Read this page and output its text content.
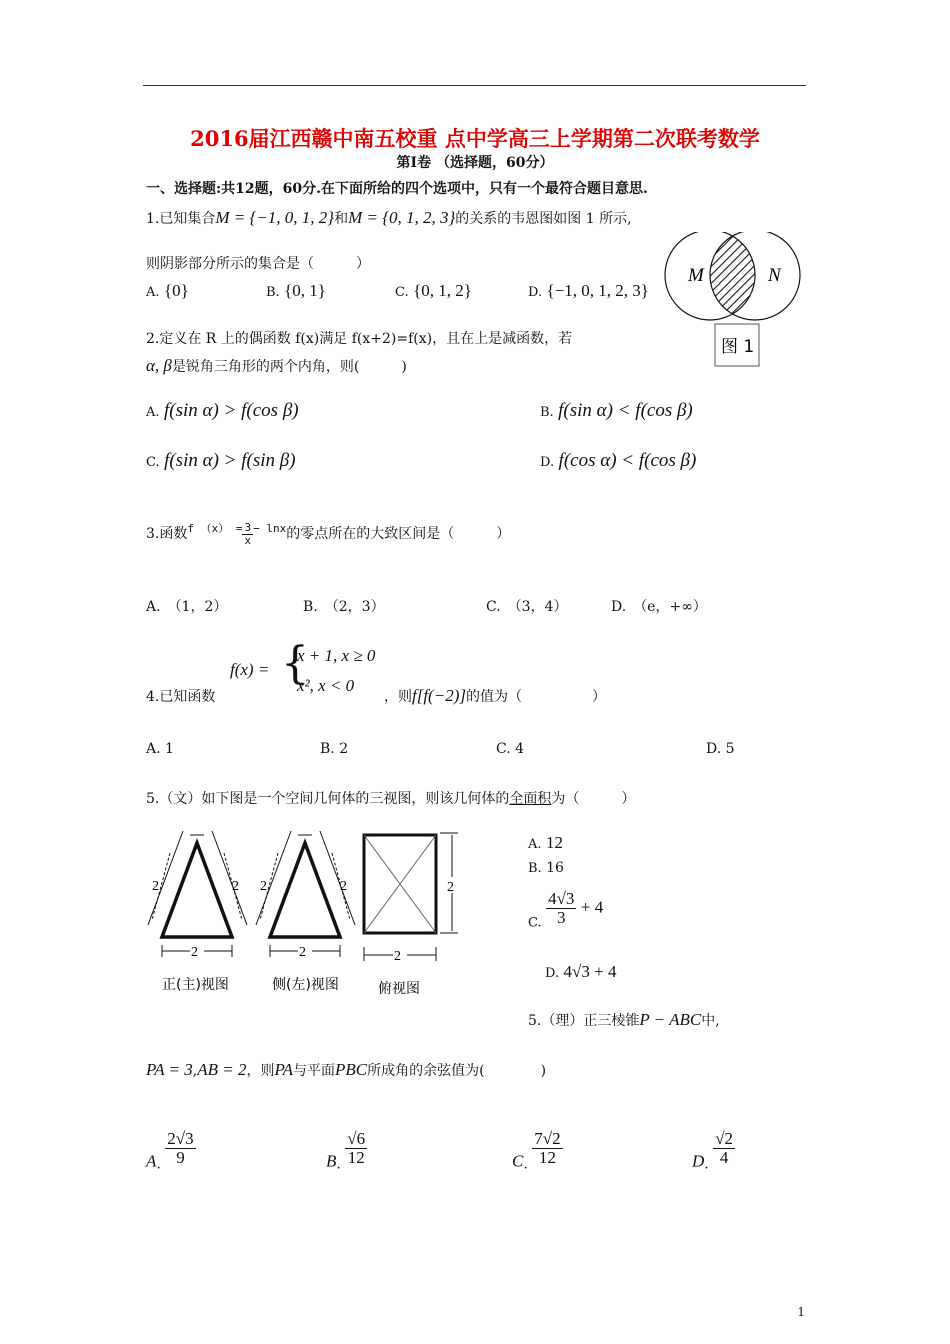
2016届江西赣中南五校重 点中学高三上学期第二次联考数学
第Ⅰ卷 （选择题，60分）
一、选择题:共12题，60分.在下面所给的四个选项中，只有一个最符合题目意思.
1.已知集合M = {−1, 0, 1, 2}和M = {0, 1, 2, 3}的关系的韦恩图如图 1 所示,
则阴影部分所示的集合是（　　　）
A. {0}	B. {0, 1}	C. {0, 1, 2}	D. {−1, 0, 1, 2, 3}
M	N
图 1
2.定义在 R 上的偶函数 f(x)满足 f(x+2)=f(x)，且在上是减函数，若
α, β是锐角三角形的两个内角，则(　　　)
A. f(sin α) > f(cos β)	B. f(sin α) < f(cos β)
C. f(sin α) > f(sin β)	D. f(cos α) < f(cos β)
3.函数$^{f (x) =} \frac{3}{x} ^{- lnx}$的零点所在的大致区间是（　　　）
A.　 （1，2）	B.　 （2，3）	C.　 （3，4）	D.　 （e，+∞）
4.已知函数
f(x) = {
x + 1, x ≥ 0
x², x < 0
，则f[f(−2)]的值为（　　　　　）
A. 1	B. 2	C. 4	D. 5
5.（文）如下图是一个空间几何体的三视图，则该几何体的全面积为（　　　）
2	2
2
正(主)视图
2	2
2
侧(左)视图
2
2
俯视图
A. 12
B. 16
C. $\frac{4√3}{3} + 4$
D. 4√3 + 4
5.（理）正三棱锥P − ABC中,
PA = 3,AB = 2，则PA与平面PBC所成角的余弦值为(　　　　)
A. $\frac{2√3}{9}$	B. $\frac{√6}{12}$	C. $\frac{7√2}{12}$	D. $\frac{√2}{4}$
1
